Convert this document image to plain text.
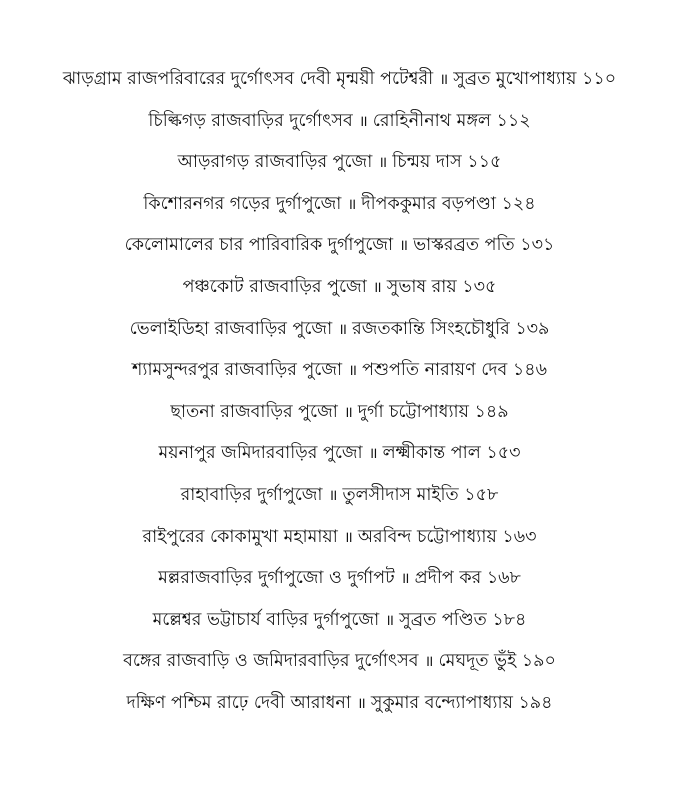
ঝাড়গ্রাম রাজপরিবারের দুর্গোৎসব দেবী মৃন্ময়ী পটেশ্বরী ॥ সুব্রত মুখোপাধ্যায় ১১০
চিল্কিগড় রাজবাড়ির দুর্গোৎসব ॥ রোহিনীনাথ মঙ্গল ১১২
আড়রাগড় রাজবাড়ির পুজো ॥ চিন্ময় দাস ১১৫
কিশোরনগর গড়ের দুর্গাপুজো ॥ দীপককুমার বড়পণ্ডা ১২৪
কেলোমালের চার পারিবারিক দুর্গাপুজো ॥ ভাস্করব্রত পতি ১৩১
পঞ্চকোট রাজবাড়ির পুজো ॥ সুভাষ রায় ১৩৫
ভেলাইডিহা রাজবাড়ির পুজো ॥ রজতকান্তি সিংহচৌধুরি ১৩৯
শ্যামসুন্দরপুর রাজবাড়ির পুজো ॥ পশুপতি নারায়ণ দেব ১৪৬
ছাতনা রাজবাড়ির পুজো ॥ দুর্গা চট্টোপাধ্যায় ১৪৯
ময়নাপুর জমিদারবাড়ির পুজো ॥ লক্ষ্মীকান্ত পাল ১৫৩
রাহাবাড়ির দুর্গাপুজো ॥ তুলসীদাস মাইতি ১৫৮
রাইপুরের কোকামুখা মহামায়া ॥ অরবিন্দ চট্টোপাধ্যায় ১৬৩
মল্লরাজবাড়ির দুর্গাপুজো ও দুর্গাপট ॥ প্রদীপ কর ১৬৮
মল্লেশ্বর ভট্টাচার্য বাড়ির দুর্গাপুজো ॥ সুব্রত পণ্ডিত ১৮৪
বঙ্গের রাজবাড়ি ও জমিদারবাড়ির দুর্গোৎসব ॥ মেঘদূত ভুঁই ১৯০
দক্ষিণ পশ্চিম রাঢ়ে দেবী আরাধনা ॥ সুকুমার বন্দ্যোপাধ্যায় ১৯৪
